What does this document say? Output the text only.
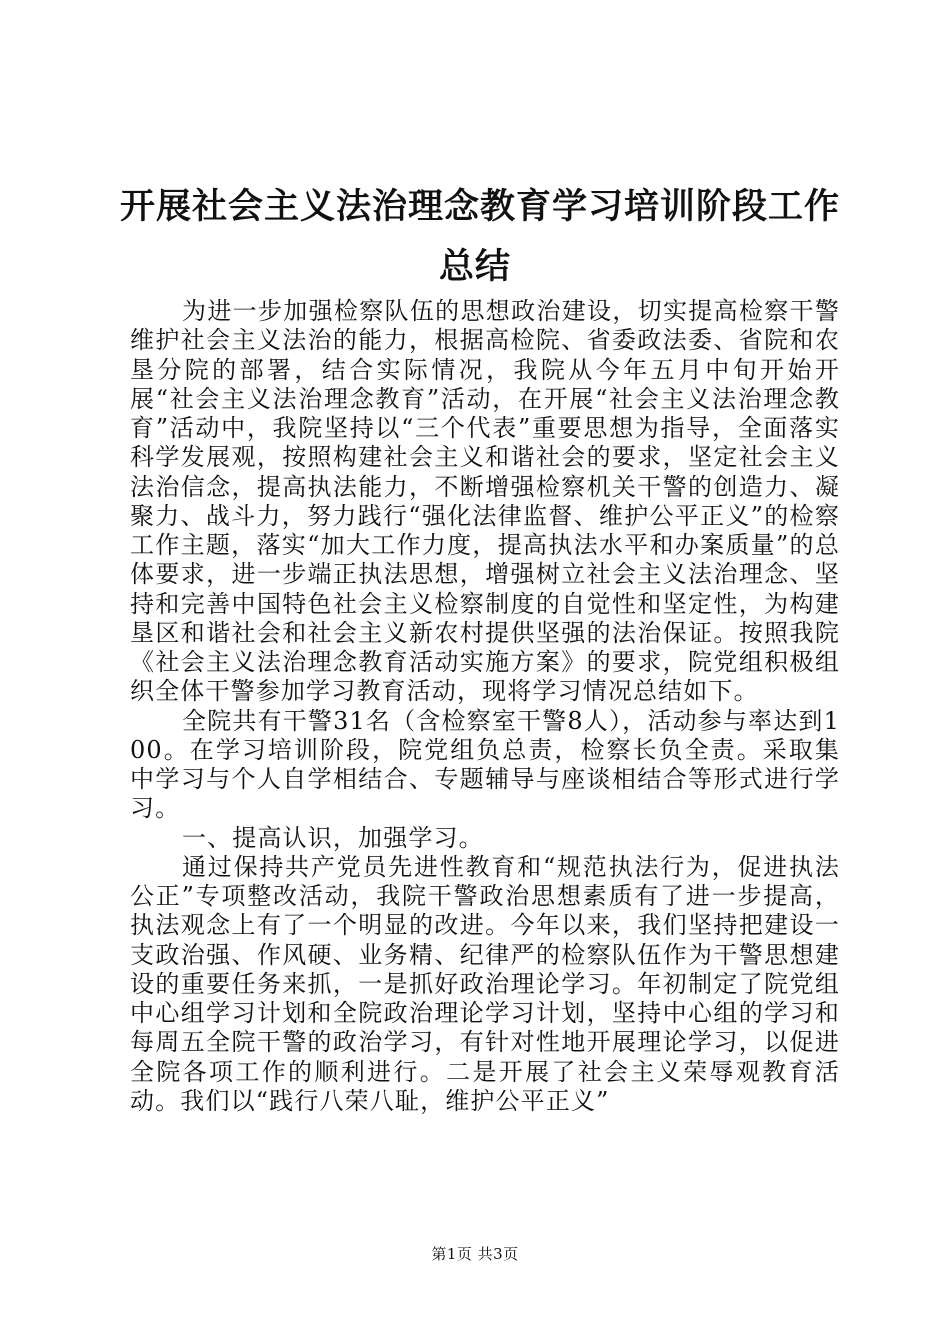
开展社会主义法治理念教育学习培训阶段工作
总结

为进一步加强检察队伍的思想政治建设，切实提高检察干警维护社会主义法治的能力，根据高检院、省委政法委、省院和农垦分院的部署，结合实际情况，我院从今年五月中旬开始开展“社会主义法治理念教育”活动，在开展“社会主义法治理念教育”活动中，我院坚持以“三个代表”重要思想为指导，全面落实科学发展观，按照构建社会主义和谐社会的要求，坚定社会主义法治信念，提高执法能力，不断增强检察机关干警的创造力、凝聚力、战斗力，努力践行“强化法律监督、维护公平正义”的检察工作主题，落实“加大工作力度，提高执法水平和办案质量”的总体要求，进一步端正执法思想，增强树立社会主义法治理念、坚持和完善中国特色社会主义检察制度的自觉性和坚定性，为构建垦区和谐社会和社会主义新农村提供坚强的法治保证。按照我院《社会主义法治理念教育活动实施方案》的要求，院党组积极组织全体干警参加学习教育活动，现将学习情况总结如下。

全院共有干警31名（含检察室干警8人），活动参与率达到100。在学习培训阶段，院党组负总责，检察长负全责。采取集中学习与个人自学相结合、专题辅导与座谈相结合等形式进行学习。

一、提高认识，加强学习。

通过保持共产党员先进性教育和“规范执法行为，促进执法公正”专项整改活动，我院干警政治思想素质有了进一步提高，执法观念上有了一个明显的改进。今年以来，我们坚持把建设一支政治强、作风硬、业务精、纪律严的检察队伍作为干警思想建设的重要任务来抓，一是抓好政治理论学习。年初制定了院党组中心组学习计划和全院政治理论学习计划，坚持中心组的学习和每周五全院干警的政治学习，有针对性地开展理论学习，以促进全院各项工作的顺利进行。二是开展了社会主义荣辱观教育活动。我们以“践行八荣八耻，维护公平正义”

第1页 共3页
